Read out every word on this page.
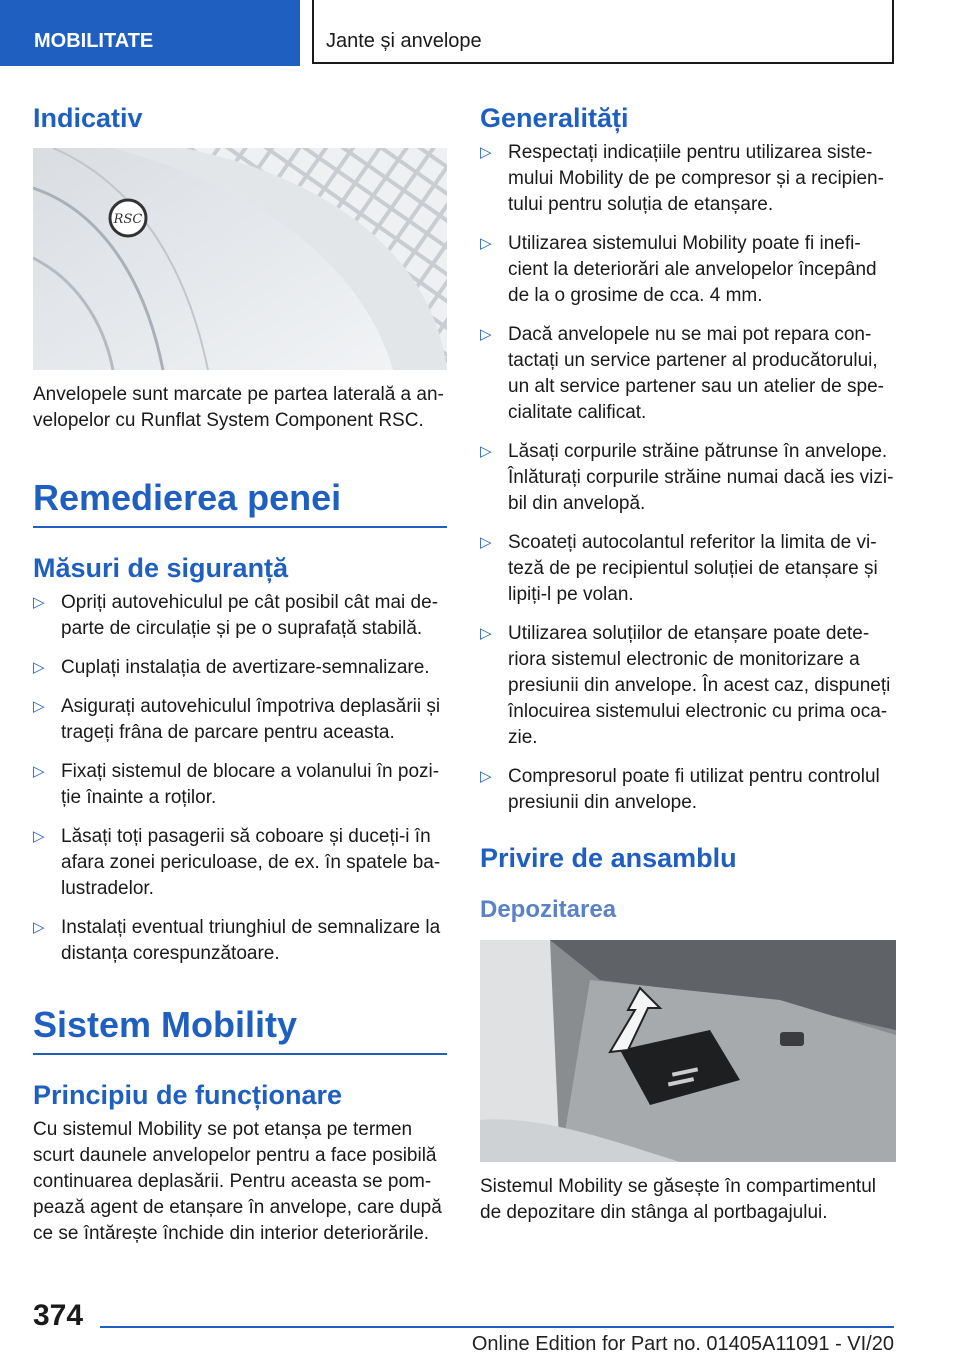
MOBILITATE	Jante și anvelope
Indicativ
RSC

Anvelopele sunt marcate pe partea laterală a an‐velopelor cu Runflat System Component RSC.

Remedierea penei
Măsuri de siguranță
▷ Opriți autovehiculul pe cât posibil cât mai de‐parte de circulație și pe o suprafață stabilă.
▷ Cuplați instalația de avertizare-semnalizare.
▷ Asigurați autovehiculul împotriva deplasării și trageți frâna de parcare pentru aceasta.
▷ Fixați sistemul de blocare a volanului în pozi‐ție înainte a roților.
▷ Lăsați toți pasagerii să coboare și duceți-i în afara zonei periculoase, de ex. în spatele ba‐lustradelor.
▷ Instalați eventual triunghiul de semnalizare la distanța corespunzătoare.
Sistem Mobility
Principiu de funcționare

Cu sistemul Mobility se pot etanșa pe termen scurt daunele anvelopelor pentru a face posibilă continuarea deplasării. Pentru aceasta se pom‐pează agent de etanșare în anvelope, care după ce se întărește închide din interior deteriorările.

Generalități
▷ Respectați indicațiile pentru utilizarea siste‐mului Mobility de pe compresor și a recipien‐tului pentru soluția de etanșare.
▷ Utilizarea sistemului Mobility poate fi inefi‐cient la deteriorări ale anvelopelor începând de la o grosime de cca. 4 mm.
▷ Dacă anvelopele nu se mai pot repara con‐tactați un service partener al producătorului, un alt service partener sau un atelier de spe‐cialitate calificat.
▷ Lăsați corpurile străine pătrunse în anvelope. Înlăturați corpurile străine numai dacă ies vizi‐bil din anvelopă.
▷ Scoateți autocolantul referitor la limita de vi‐teză de pe recipientul soluției de etanșare și lipiți-l pe volan.
▷ Utilizarea soluțiilor de etanșare poate dete‐riora sistemul electronic de monitorizare a presiunii din anvelope. În acest caz, dispuneți înlocuirea sistemului electronic cu prima oca‐zie.
▷ Compresorul poate fi utilizat pentru controlul presiunii din anvelope.
Privire de ansamblu
Depozitarea

Sistemul Mobility se găsește în compartimentul de depozitare din stânga al portbagajului.

374
Online Edition for Part no. 01405A11091 - VI/20
